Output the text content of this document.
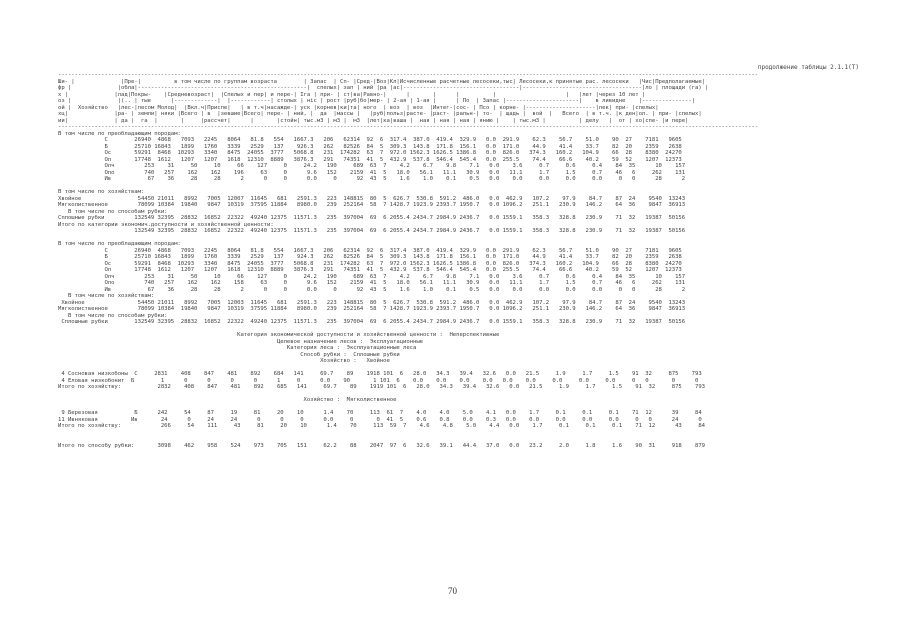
продолжение таблицы 2.1.1(Т)
-------------------------------------------------------------------------------------------------------------------------------------------------------------------------------------------------------------------
Ши- |              |Пре-|          в том числе по группам возраста        | Запас  | Сп- |Сред-|Воз|Кл|Исчисленные расчетные лесосеки,тыс| Лесосеки,к принятые рас. лесосеки   |Чис|Предполагаемые|
фр |              |обла|---------------------------------------------------|  спелых| зап | ний |ра |ас|-----------------------------------|------------------------------------|ло | площади (га) |
х |              |лад|Покры-    |Средневозраст|  |Спелых и пер| и пере-| Іга | при- | ст|ва|Равно-|      |       |      |          |                     |   |лет |через 10 лет |
оз |              |(.. | тые      |-------------|  |------------| столых | ніс | рост |руб|бо|мер- | 2-ая | 1-ая |      | По  | Запас |----------------------|    в ливидне    |---------------|
ой |  Хозяйство   |лес-|лесом Молод|  |Вкл.ч|Приспе|   | в т.ч|насажде-| уск |корнев|ки|та| ного  | воз  | воз  |Интег-|сос- | Псо | корне- |---------------------|лек| при- |спелых|
хц|              |ра- | земли| няки |Всего | в  |зевшие|Всего| пере- | ний, |  да  |массы |   |руб|польз|расте- |раст- |ральн-| то-  | щадь |  вой  |   Всего  | в т.ч. |к ден|ол. | при- |спелых|
ии|              | да |  га  |       |     |рассчет|      |       |стойн| тыс.м3 | м3 |  м3  |лет|ка|ваша |  ная | ная | ная | янию |    | тыс.м3 |          | делу   |  от | хо|спе- |и пере|
-------------------------------------------------------------------------------------------------------------------------------------------------------------------------------------------------------------------
В том числе по преобладающим породам:
С        26940  4868   7093   2245   8064   81.8   554   1667.3   206   62314  92  6  317.4  387.0  419.4  329.9   0.0  291.9    62.3    56.7    51.0    90  27    7181   9605
Б        25710 16843   1899   1760   3339   2529   137    926.3   262   82526  84  5  309.3  143.8  171.8  156.1   0.0  171.0    44.9    41.4    33.7    82  20    2359   2638
Ос       59291  8468  10293   3340   8475  24055  3777   5068.8   231  174282  63  7  972.0 1562.3 1626.5 1386.8   0.0  826.0   374.3   160.2   104.9    66  28    8380  24270
Ол       17748  1612   1207   1207   1618  12310  8889   3876.3   291   74351  41  5  432.9  537.8  546.4  545.4   0.0  255.5    74.4    66.6    40.2    59  52    1207  12373
Олч         253    31     50     10     66    127     0     24.2   190     689  63  7    4.2    6.7    9.8    7.1   0.0    3.6     0.7     0.6     0.4    84  35      10    157
Оло         740   257    162    162    196     63     0      9.6   152    2159  41  5   18.0   56.1   11.1   30.9   0.0   11.1     1.7     1.5     0.7    46   6     262    131
Ив           67    36     28     28      2      0     0      0.0     0      92  43  5    1.6    1.0    0.1    0.5   0.0    0.0     0.0     0.0     0.0     0   0      28      2
В том числе по хозяйствам:
Хвойное                 54450 21011   8992   7005  12007  11645   681   2591.3   223  148815  80  5  626.7  530.8  591.2  486.0   0.0  462.9   107.2    97.9    84.7    87  24    9540  13243
Мягколиственное         78099 10384  19840   9847  10319  37595 11884   8980.0   239  252164  58  7 1428.7 1923.9 2393.7 1950.7   0.0 1096.2   251.1   230.9   146.2    64  36    9847  36913
В том числе по способам рубки:
Сплошные рубки         132549 32395  28832  16852  22322  49240 12375  11571.3   235  397004  69  6 2055.4 2434.7 2984.9 2436.7   0.0 1559.1   358.3   328.8   230.9    71  32   19387  50156
Итого по категории экономич.доступности и хозяйственной ценности:
132549 32395  28832  16852  22322  49240 12375  11571.3   235  397004  69  6 2055.4 2434.7 2984.9 2436.7   0.0 1559.1   358.3   328.8   230.9    71  32   19387  50156
В том числе по преобладающим породам:
С        26940  4868   7093   2245   8064   81.8   554   1667.3   206   62314  92  6  317.4  387.0  419.4  329.9   0.0  291.9    62.3    56.7    51.0    90  27    7181   9605
Б        25710 16843   1899   1760   3339   2529   137    924.3   262   82526  84  5  309.3  143.8  171.8  156.1   0.0  171.0    44.9    41.4    33.7    82  20    2359   2638
Ос       59291  8468  10293   3340   8475  24055  3777   5068.8   231  174282  63  7  972.0 1562.3 1626.5 1386.8   0.0  826.0   374.3   160.2   104.9    66  28    8380  24270
Ол       17748  1612   1207   1207   1618  12310  8889   3876.3   291   74351  41  5  432.9  537.8  546.4  545.4   0.0  255.5    74.4    66.6    40.2    59  52    1207  12373
Олч         253    31     50     10     66    127     0     24.2   190     689  63  7    4.2    6.7    9.8    7.1   0.0    3.6     0.7     0.6     0.4    84  35      10    157
Оло         740   257    162    162    158     63     0      9.6   152    2159  41  5   18.0   56.1   11.1   30.9   0.0   11.1     1.7     1.5     0.7    46   6     262    131
Ив           67    36     28     28      2      0     0      0.0     0      92  43  5    1.6    1.0    0.1    0.5   0.0    0.0     0.0     0.0     0.0     0   0      28      2
В том числе по хозяйствам:
Хвойное                54450 21011   8992   7005  12003  11645   681   2591.3   223  148815  80  5  626.7  530.8  591.2  486.0   0.0  462.9   107.2    97.9    84.7    87  24    9540  13243
Мягколиственное         78099 10384  19840   9847  10319  37595 11884   8980.0   239  252164  58  7 1428.7 1923.9 2393.7 1950.7   0.0 1096.2   251.1   230.9   146.2    64  36    9847  36913
В том числе по способам рубки:
Сплошные рубки        132549 32395  28832  16852  22322  49240 12375  11571.3   235  397004  69  6 2055.4 2434.7 2984.9 2436.7   0.0 1559.1   358.3   328.8   230.9    71  32   19387  50156
Категория экономической доступности и хозяйственной ценности :  Неперспективные
Целевое назначение лесов :  Эксплуатационные
Категория леса :  Эксплуатационные леса
Способ рубки :  Сплошные рубки
Хозяйство :   Хвойное
4 Сосновая низкобоны  С     2831    408    847    481    892    684   141     69.7    89    1918 101  6   28.0   34.3   39.4   32.6   0.0   21.5     1.9     1.7     1.5    91  32     875    793
4 Еловая низкобонит  Б        1      0      0      0      0      1     0      0.0    90       1 101  6    0.0    0.0    0.0    0.0   0.0    0.0     0.0     0.0     0.0     0   0       0      0
Итого по хозяйству:           2832    408    847    481    892    685   141     69.7    89    1919 101  6   28.0   34.3   39.4   32.6   0.0   21.5     1.9     1.7     1.5    91  32     875    793
Хозяйство :  Мягколиственное
9 Березовая           Б      242     54     87     19     81     20    10      1.4    70     113  61  7    4.0    4.0    5.0    4.1   0.0    1.7     0.1     0.1     0.1    71  12      39     84
11 Ивняковая          Ив       24      0     24     24      0      0     0      0.0     0       0  41  5    0.6    0.8    0.0    0.3   0.0    0.0     0.0     0.0     0.0     0   0      24      0
Итого по хозяйству:            266     54    111     43     81     20    10      1.4    70     113  59  7    4.6    4.8    5.0    4.4   0.0    1.7     0.1     0.1     0.1    71  12      43     84
Итого по способу рубки:       3098    462    958    524    973    705   151     62.2    88    2047  97  6   32.6   39.1   44.4   37.0   0.0   23.2     2.0     1.8     1.6    90  31     918    879
70
